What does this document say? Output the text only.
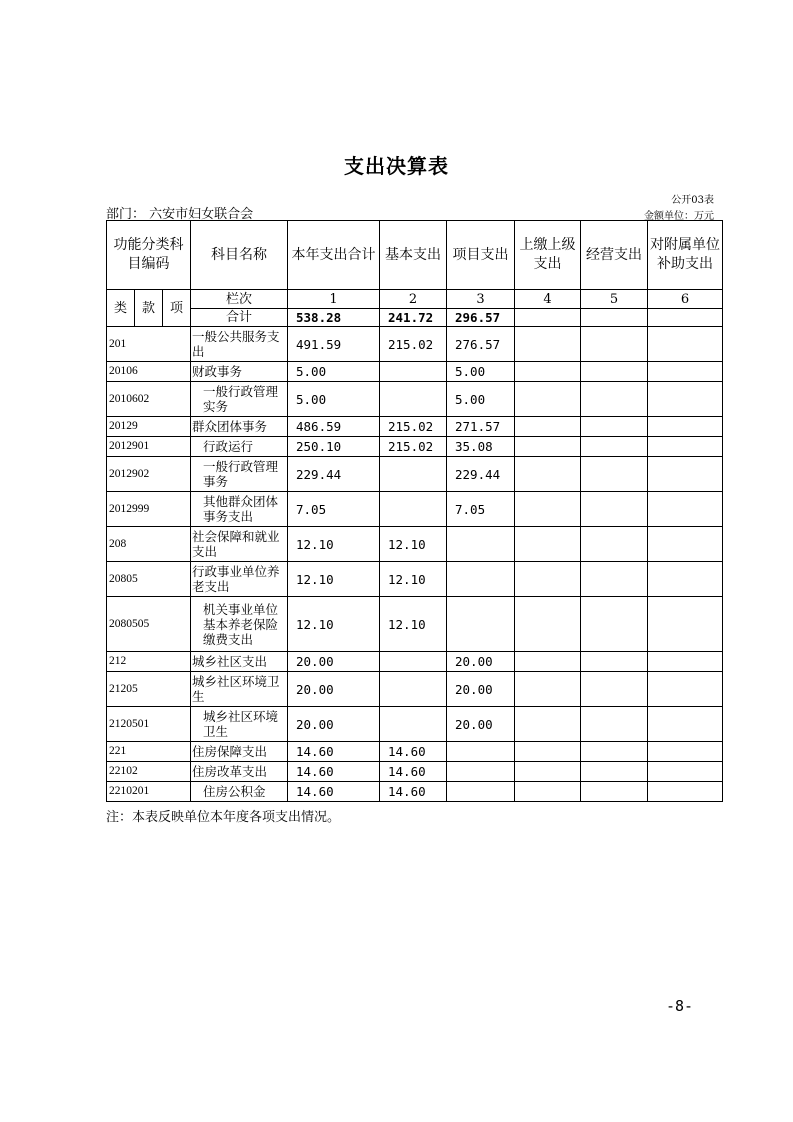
支出决算表
公开03表
部门： 六安市妇女联合会	金额单位：万元
功能分类科目编码			科目名称	本年支出合计	基本支出	项目支出	上缴上级支出	经营支出	对附属单位补助支出
类	款	项	栏次	1	2	3	4	5	6
			合计	538.28	241.72	296.57			
201			一般公共服务支出	491.59	215.02	276.57			
20106			财政事务	5.00		5.00			
2010602			一般行政管理实务	5.00		5.00			
20129			群众团体事务	486.59	215.02	271.57			
2012901			行政运行	250.10	215.02	35.08			
2012902			一般行政管理事务	229.44		229.44			
2012999			其他群众团体事务支出	7.05		7.05			
208			社会保障和就业支出	12.10	12.10				
20805			行政事业单位养老支出	12.10	12.10				
2080505			机关事业单位基本养老保险缴费支出	12.10	12.10				
212			城乡社区支出	20.00		20.00			
21205			城乡社区环境卫生	20.00		20.00			
2120501			城乡社区环境卫生	20.00		20.00			
221			住房保障支出	14.60	14.60				
22102			住房改革支出	14.60	14.60				
2210201			住房公积金	14.60	14.60				
注：本表反映单位本年度各项支出情况。
-8-
